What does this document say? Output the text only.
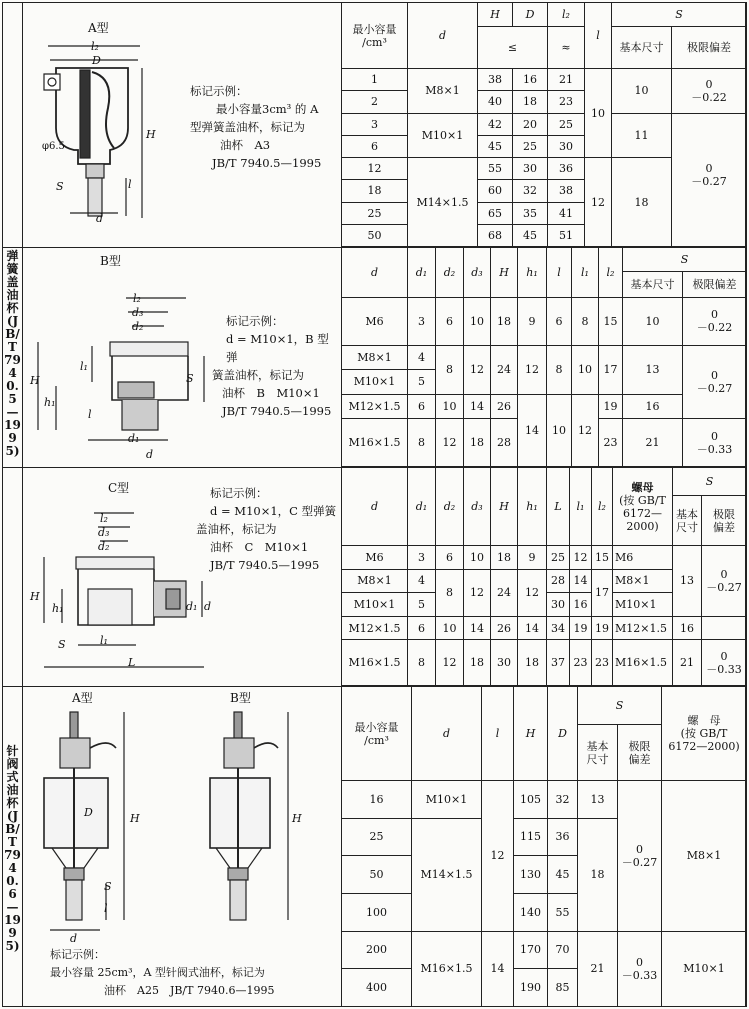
弹簧盖油杯(JB/T 7940.5—1995)
针阀式油杯(JB/T 7940.6—1995)
A型
l₂
D
H
l
S
d
φ6.5
标记示例：
最小容量3cm³ 的 A
型弹簧盖油杯，标记为
油杯　A3
JB/T 7940.5—1995
最小容量
/cm³	d	H	D	l₂	l	S	
		≤		≈		基本尺寸	极限偏差
1	M8×1	38	16	21	10	10	0
－0.22
2		40	18	23			
3	M10×1	42	20	25		11	
6		45	25	30			
12	M14×1.5	55	30	36	12	18	0
－0.27
18		60	32	38			
25		65	35	41			
50		68	45	51			
B型
l₂
d₃
d₂
l₁
H
h₁
l
S
d₁
d
标记示例：
d = M10×1，B 型弹
簧盖油杯，标记为
油杯　B　M10×1
JB/T 7940.5—1995
d	d₁	d₂	d₃	H	h₁	l	l₁	l₂	S	
									基本尺寸	极限偏差
M6	3	6	10	18	9	6	8	15	10	0
－0.22
M8×1	4	8	12	24	12	8	10	17	13	0
－0.27
M10×1	5									
M12×1.5	6	10	14	26	14	10	12	19	16	
M16×1.5	8	12	18	28				23	21	0
－0.33
C型
l₂
d₃
d₂
H
h₁	d₁ d
S	l₁
L
标记示例：
d = M10×1，C 型弹簧
盖油杯，标记为
油杯　C　M10×1
JB/T 7940.5—1995
d	d₁	d₂	d₃	H	h₁	L	l₁	l₂	螺母
(按 GB/T
6172—
2000)	S	
										基本
尺寸	极限
偏差
M6	3	6	10	18	9	25	12	15	M6	13	0
－0.27
M8×1	4	8	12	24	12	28	14	17	M8×1		
M10×1	5					30	16		M10×1		
M12×1.5	6	10	14	26	14	34	19	19	M12×1.5	16	
M16×1.5	8	12	18	30	18	37	23	23	M16×1.5	21	0
－0.33
A型	B型
D	H
S
l
d
H
标记示例：
最小容量 25cm³，A 型针阀式油杯，标记为
油杯　A25　JB/T 7940.6—1995
最小容量
/cm³	d	l	H	D	S		螺　母
(按 GB/T
6172—2000)
					基本
尺寸	极限
偏差	
16	M10×1	12	105	32	13	0
－0.27	M8×1
25	M14×1.5		115	36	18		
50			130	45			
100			140	55			
200	M16×1.5	14	170	70	21	0
－0.33	M10×1
400			190	85			
